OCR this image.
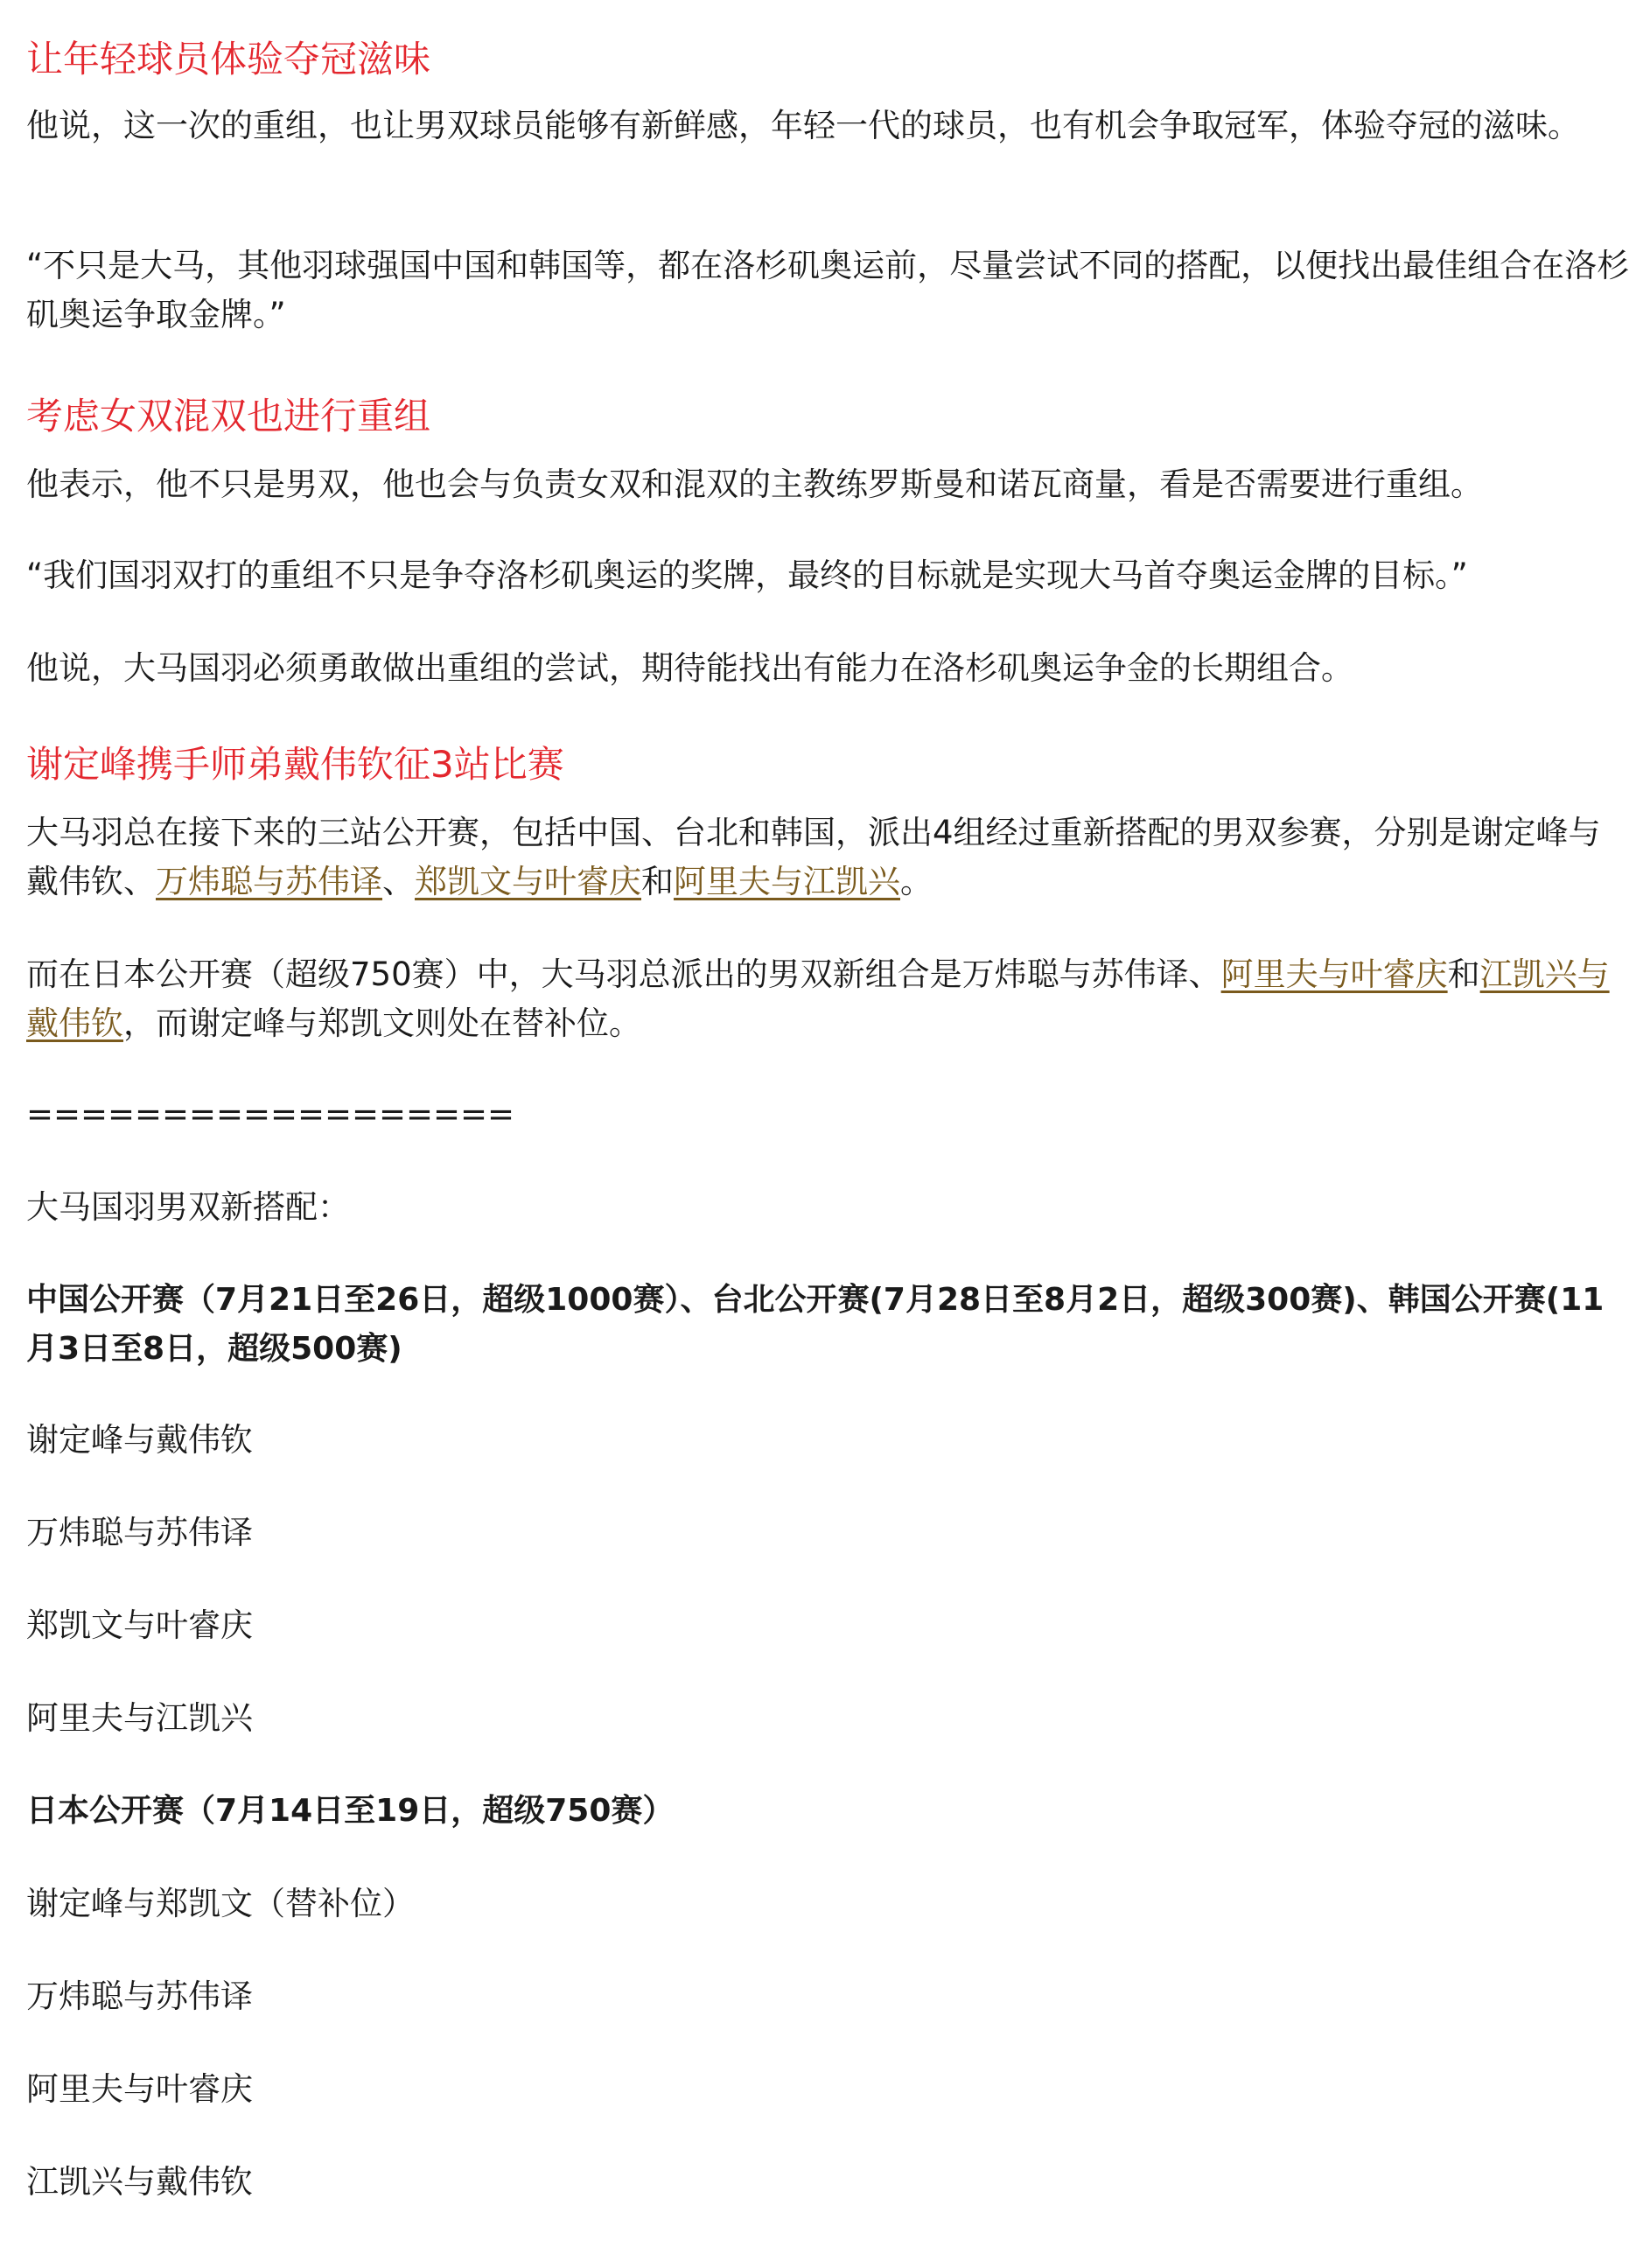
让年轻球员体验夺冠滋味

他说，这一次的重组，也让男双球员能够有新鲜感，年轻一代的球员，也有机会争取冠军，体验夺冠的滋味。

“不只是大马，其他羽球强国中国和韩国等，都在洛杉矶奥运前，尽量尝试不同的搭配，以便找出最佳组合在洛杉矶奥运争取金牌。”

考虑女双混双也进行重组

他表示，他不只是男双，他也会与负责女双和混双的主教练罗斯曼和诺瓦商量，看是否需要进行重组。

“我们国羽双打的重组不只是争夺洛杉矶奥运的奖牌，最终的目标就是实现大马首夺奥运金牌的目标。”

他说，大马国羽必须勇敢做出重组的尝试，期待能找出有能力在洛杉矶奥运争金的长期组合。

谢定峰携手师弟戴伟钦征3站比赛

大马羽总在接下来的三站公开赛，包括中国、台北和韩国，派出4组经过重新搭配的男双参赛，分别是谢定峰与戴伟钦、万炜聪与苏伟译、郑凯文与叶睿庆和阿里夫与江凯兴。

而在日本公开赛（超级750赛）中，大马羽总派出的男双新组合是万炜聪与苏伟译、阿里夫与叶睿庆和江凯兴与戴伟钦，而谢定峰与郑凯文则处在替补位。

==================

大马国羽男双新搭配：

中国公开赛（7月21日至26日，超级1000赛）、台北公开赛(7月28日至8月2日，超级300赛)、韩国公开赛(11月3日至8日，超级500赛)

谢定峰与戴伟钦

万炜聪与苏伟译

郑凯文与叶睿庆

阿里夫与江凯兴

日本公开赛（7月14日至19日，超级750赛）

谢定峰与郑凯文（替补位）

万炜聪与苏伟译

阿里夫与叶睿庆

江凯兴与戴伟钦
